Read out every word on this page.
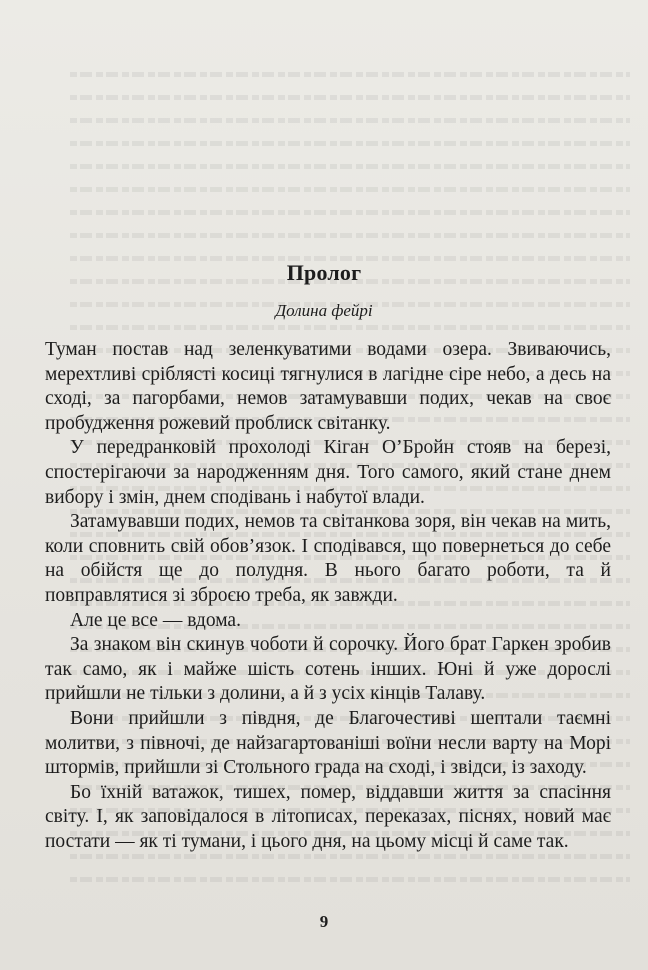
Пролог
Долина фейрі

Туман постав над зеленкуватими водами озера. Звиваючись, мерехтливі сріблясті косиці тягнулися в лагідне сіре небо, а десь на сході, за пагорбами, немов затамувавши подих, чекав на своє пробудження рожевий проблиск світанку.

У передранковій прохолоді Кіган О’Бройн стояв на березі, спостерігаючи за народженням дня. Того самого, який стане днем вибору і змін, днем сподівань і набутої влади.

Затамувавши подих, немов та світанкова зоря, він чекав на мить, коли сповнить свій обов’язок. І сподівався, що повернеться до себе на обійстя ще до полудня. В нього багато роботи, та й повправлятися зі зброєю треба, як завжди.

Але це все — вдома.

За знаком він скинув чоботи й сорочку. Його брат Гаркен зробив так само, як і майже шість сотень інших. Юні й уже дорослі прийшли не тільки з долини, а й з усіх кінців Талаву.

Вони прийшли з півдня, де Благочестиві шептали таємні молитви, з півночі, де найзагартованіші воїни несли варту на Морі штормів, прийшли зі Стольного града на сході, і звідси, із заходу.

Бо їхній ватажок, тишех, помер, віддавши життя за спасіння світу. І, як заповідалося в літописах, переказах, піснях, новий має постати — як ті тумани, і цього дня, на цьому місці й саме так.

9
